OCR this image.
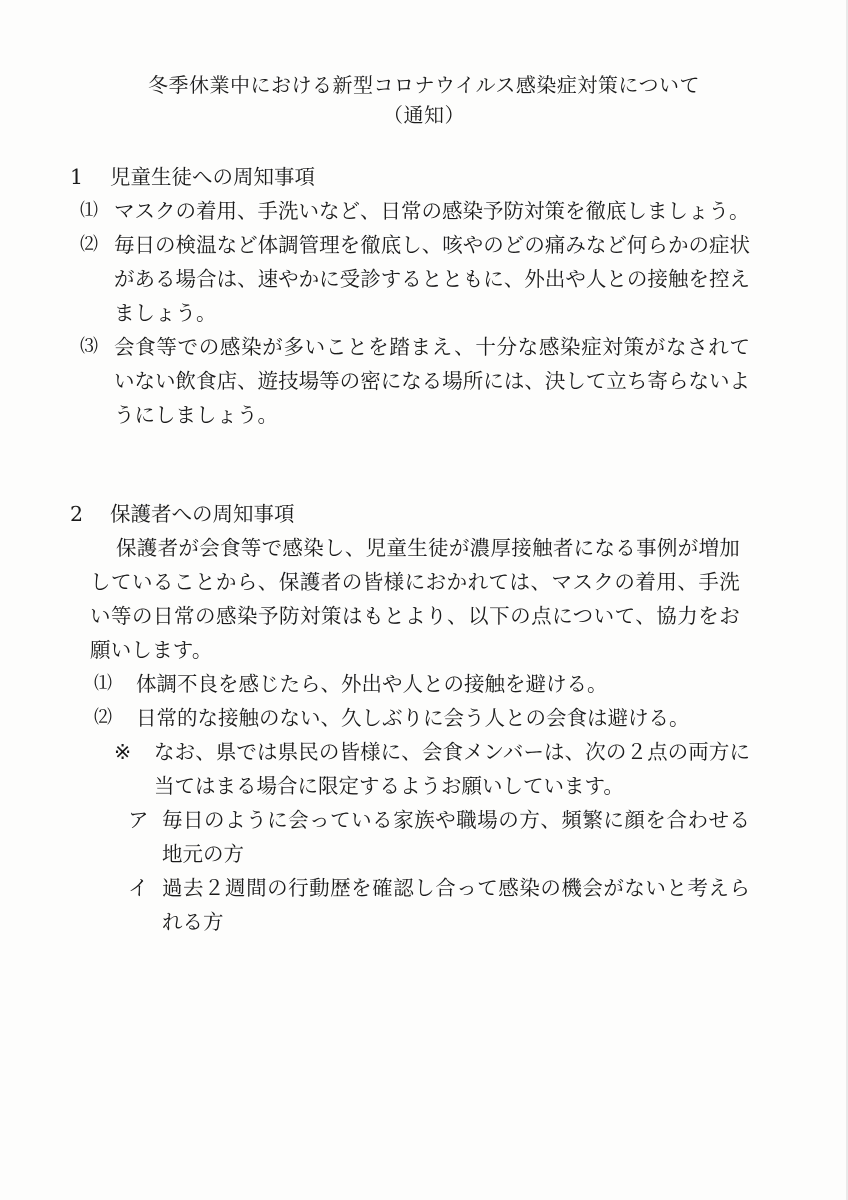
冬季休業中における新型コロナウイルス感染症対策について
（通知）
1	児童生徒への周知事項
⑴ マスクの着用、手洗いなど、日常の感染予防対策を徹底しましょう。
⑵ 毎日の検温など体調管理を徹底し、咳やのどの痛みなど何らかの症状がある場合は、速やかに受診するとともに、外出や人との接触を控えましょう。
⑶ 会食等での感染が多いことを踏まえ、十分な感染症対策がなされていない飲食店、遊技場等の密になる場所には、決して立ち寄らないようにしましょう。
2	保護者への周知事項

保護者が会食等で感染し、児童生徒が濃厚接触者になる事例が増加していることから、保護者の皆様におかれては、マスクの着用、手洗い等の日常の感染予防対策はもとより、以下の点について、協力をお願いします。

⑴	体調不良を感じたら、外出や人との接触を避ける。
⑵	日常的な接触のない、久しぶりに会う人との会食は避ける。
※	なお、県では県民の皆様に、会食メンバーは、次の２点の両方に当てはまる場合に限定するようお願いしています。
ア 毎日のように会っている家族や職場の方、頻繁に顔を合わせる地元の方
イ 過去２週間の行動歴を確認し合って感染の機会がないと考えられる方
